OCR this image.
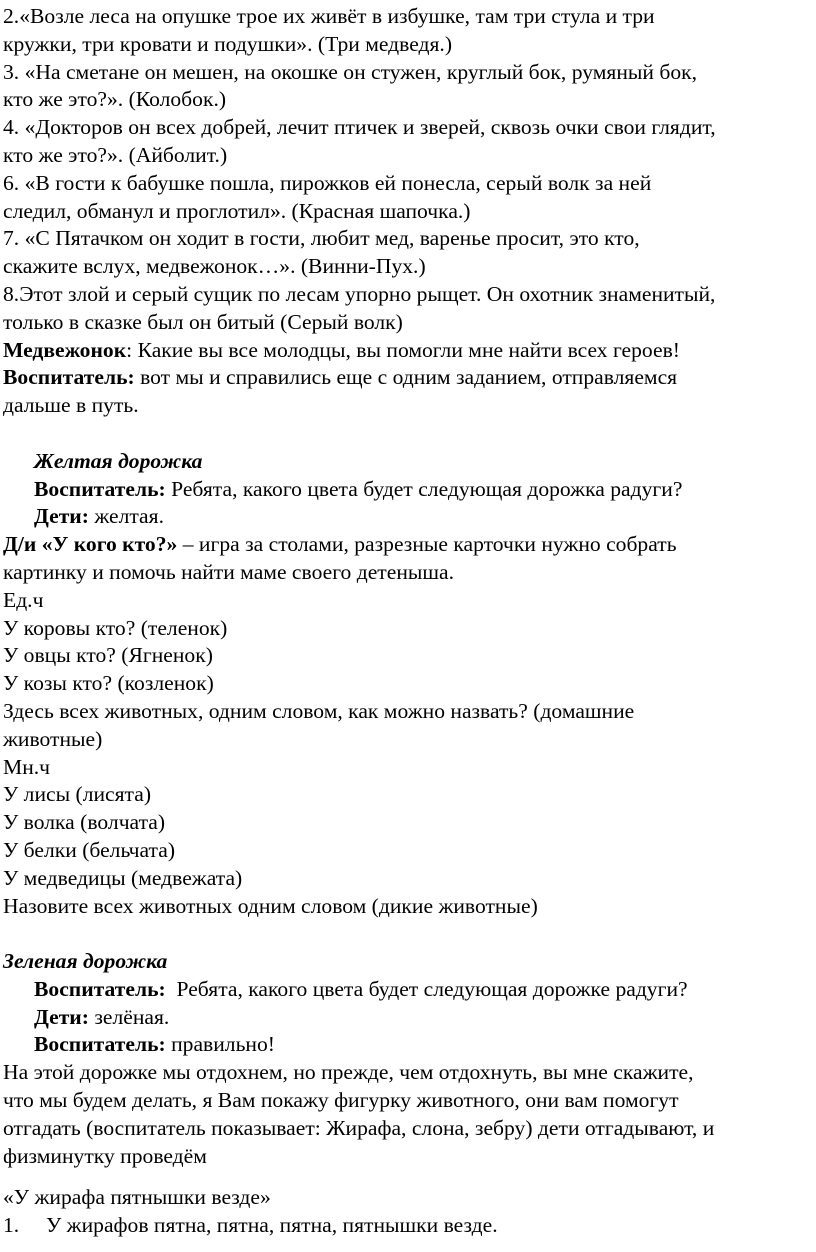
2.«Возле леса на опушке трое их живёт в избушке, там три стула и три
кружки, три кровати и подушки». (Три медведя.)
3. «На сметане он мешен, на окошке он стужен, круглый бок, румяный бок,
кто же это?». (Колобок.)
4. «Докторов он всех добрей, лечит птичек и зверей, сквозь очки свои глядит,
кто же это?». (Айболит.)
6. «В гости к бабушке пошла, пирожков ей понесла, серый волк за ней
следил, обманул и проглотил». (Красная шапочка.)
7. «С Пятачком он ходит в гости, любит мед, варенье просит, это кто,
скажите вслух, медвежонок…». (Винни-Пух.)
8.Этот злой и серый сущик по лесам упорно рыщет. Он охотник знаменитый,
только в сказке был он битый (Серый волк)
Медвежонок: Какие вы все молодцы, вы помогли мне найти всех героев!
Воспитатель: вот мы и справились еще с одним заданием, отправляемся
дальше в путь.
Желтая дорожка
Воспитатель: Ребята, какого цвета будет следующая дорожка радуги?
Дети: желтая.
Д/и «У кого кто?» – игра за столами, разрезные карточки нужно собрать
картинку и помочь найти маме своего детеныша.
Ед.ч
У коровы кто? (теленок)
У овцы кто? (Ягненок)
У козы кто? (козленок)
Здесь всех животных, одним словом, как можно назвать? (домашние
животные)
Мн.ч
У лисы (лисята)
У волка (волчата)
У белки (бельчата)
У медведицы (медвежата)
Назовите всех животных одним словом (дикие животные)
Зеленая дорожка
Воспитатель:  Ребята, какого цвета будет следующая дорожке радуги?
Дети: зелёная.
Воспитатель: правильно!
На этой дорожке мы отдохнем, но прежде, чем отдохнуть, вы мне скажите,
что мы будем делать, я Вам покажу фигурку животного, они вам помогут
отгадать (воспитатель показывает: Жирафа, слона, зебру) дети отгадывают, и
физминутку проведём
«У жирафа пятнышки везде»
1. У жирафов пятна, пятна, пятна, пятнышки везде.
